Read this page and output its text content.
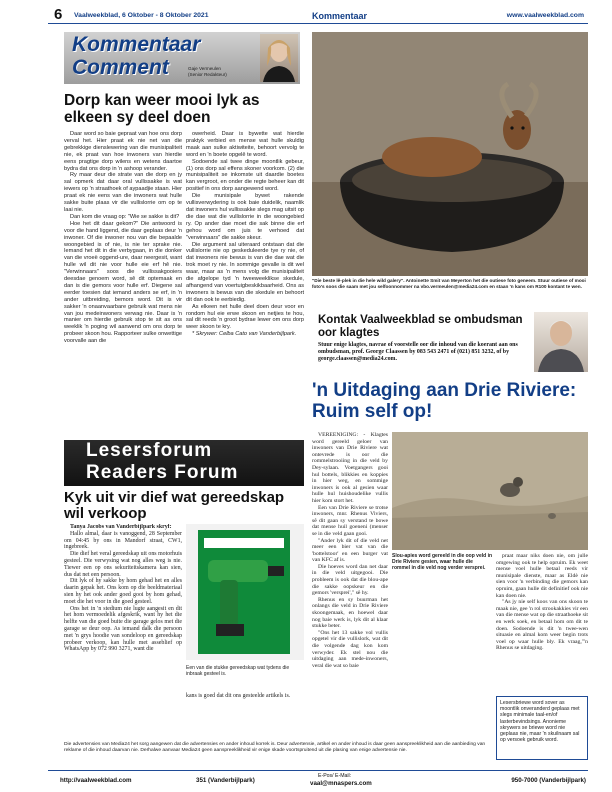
6 Vaalweekblad, 6 Oktober - 8 Oktober 2021	Kommentaar	www.vaalweekblad.com
Kommentaar
Comment	Gaje Vermeulen
(Senior Redakteur)
Dorp kan weer mooi lyk as elkeen sy deel doen

Daar word so baie gepraat van hoe ons dorp verval het. Hier praat ek nie net van die gebrekkige dienslewering van die munisipaliteit nie, ek praat van hoe inwoners van hierdie eens pragtige dorp wilens en wetens daartoe bydra dat ons dorp in 'n ashoop verander.

Ry maar deur die strate van die dorp en jy sal opmerk dat daar oral vullissakke is wat iewers op 'n straathoek of aypaadjie staan. Hier praat ek nie eens van die inwoners wat hulle sakke buite plaas vir die vullislorrie om op te laai nie.

Dan kom die vraag op: "Wie se sakke is dit?

Hoe het dit daar gekom?" Die antwoord is voor die hand liggend, die daar geplaas deur 'n inwoner. Of die inwoner nou van die bepaalde woongebied is of nie, is nie ter sprake nie. Iemand het dit in die verbygaan, in die donker van die vroeë oggend-ure, daar neergesit, want hulle wil dit nie voor hulle eie erf hê nie. "Verwinnaars" soos die vullissakgooiers deesdae genoem word, sê dit optemaak en dan is die gemors voor hulle erf. Diegene sal eerder toesien dat iemand anders se erf, in 'n ander uitbreiding, bemors word. Dit is vir sakker 'n onaanvaarbare gebruik wat mens nie van jou medeinwoners verwag nie. Daar is 'n manier om hierdie gebruik stop te sit as ons weeklik 'n poging wil aanwend om ons dorp te probeer skoon hou. Rapporteer sulke onwettige voorvalle aan die

owerheid. Daar is bywette wat hierdie praktyk verbied en mense wat hulle skuldig maak aan sulke aktiwiteite, behoort vervolg te word en 'n boete opgelê te word.

Sodoende sal twee dinge moontlik gebeur, (1) ons dorp sal effens skoner voorkom. (2) die munisipaliteit se inkomste uit daardie boetes kan vergroot, en onder die regte beheer kan dit positief in ons dorp aangewend word.

Die munisipale bywet rakende vullisverwydering is ook baie duidelik, naamlik dat inwoners hul vullissakke slegs mag uitsit op die dae wat die vullislorrie in die woongebied ry. Op ander dae moet die sak binne die erf gehou word om juis te verhoed dat "verwinnaars" die sakke skeur.

Die argument sal uiteraard ontstaan dat die vullislorrie nie op geskeduleerde tye ry nie, of dat inwoners nie bewus is van die dae wat die trok moet ry nie. In sommige gevalle is dit wel waar, maar as 'n mens volg die munisipaliteit die afgelope tyd 'n tweeweeklikse skedule, afhangend van voertuigbeskikbaarheid. Ons as inwoners is bewus van die skedule en behoort dit dan ook te eerbiedig.

As elkeen net hulle deel doen deur voor en rondom hul eie erwe skoon en netjies te hou, sal dit reeds 'n groot bydrae lewer om ons dorp weer skoon te kry.

* Skrywer: Celba Cato van Vanderbijlpark.

"Die beste lê-plek in die hele wild galery". Antoinette Smit van Meyerton het die outiese foto geneem. Stuur outiese of mooi foto's soos die saam met jou selfoonnommer na vbo.vermeulen@media24.com en staan 'n kans om R100 kontant te wen.
Kontak Vaalweekblad se ombudsman oor klagtes
Stuur enige klagtes, navrae of voorstelle oor die inhoud van die koerant aan ons ombudsman, prof. George Claassen by 083 543 2471 of (021) 851 3232, of by george.claassen@media24.com.
'n Uitdaging aan Drie Riviere: Ruim self op!
Lesersforum
Readers Forum
Kyk uit vir dief wat gereedskap wil verkoop

Tanya Jacobs van Vanderbijlpark skryf:

Hallo almal, daar is vanoggend, 28 September om 04:45 by ons in Mandorf straat, CW1, ingebreek.

Die dief het veral gereedskap uit ons motorhuis gesteel. Die verwysing wat nog alles weg is nie. Tiewer een op ons sekuriteitskamera kan sien, dus dat net een persoon.

Dit lyk of hy sakke by hom gehad het en alles daarin gepak het. Ons kom op die beeldmateriaal sien hy het ook ander goed gooi by hom gehad, moet die het voor in die goed gesteel.

Ons het in 'n stedium nie lugte aangesit en dit het hom vermoedelik afgeskrik, want hy het die helfte van die goed buite die garage gelos met die garage se deur oop. As iemand dalk die persoon met 'n grys hoodie van sondeloop en gereedskap probeer verkoop, kan hulle met asseblief op WhatsApp by 072 990 3271, want die

Een van die stukke gereedskap wat tydens die inbraak gesteel is.
kans is goed dat dit ons gesteelde artikels is.

VEREENIGING: - Klagtes word gereeld geloer van inwoners van Drie Riviere wat ontevrede is oor die rommelstrooiing in die veld by Dey-sylaan. Voetgangers gooi hul bottels, blikkies en koppies in hier weg, en sommige inwoners is ook al gesien waar hulle hul huishoudelike vullis hier kom stort het.

Een van Drie Riviere se trotse inwoners, mnr. Rhenus Viviers, sê dit gaan sy verstand te bowe dat mense huil goeneni (menser se in die veld gaan gooi.

"Ander lyk dit of die veld net meer een bier vat van die 'bottelstoor' en een burger vat van KFC af is.

Die hoeves word dan net daar in die veld uitgegooi. Die probleem is ook dat die blou-ape die sakke oopskeur en die gemors 'versprei'," sê hy.

Rhenus en sy buurman het onlangs die veld in Drie Riviere skoongemaak, en hoewel daar nog baie werk is, lyk dit al klaar stukke beter.

"Ons het 13 sakke vol vullis opgetel vir die vullislork, wat dit die volgende dag kon kom verwyder. Ek stel nou die uitdaging aan mede-inwoners, veral die wat so baie

Slou-apies word gereeld in die oop veld in Drie Riviere gesien, waar hulle die rommel in die veld nog verder versprei.

praat maar niks doen nie, om julle omgewing ook te help opruim. Ek weet mense voel hulle betaal reeds vir munisipale dienste, maar as Eldè nie sien voor 'n verbinding die gemors kan opruim, gaan hulle dit definitief ook nie kan doen nie.

"As jy nie self koos van ons skoon te maak nie, gee 'n rol strookakkies vir een van die mense wat op die straathoeke sit en werk soek, en betaal hom om dit te doen. Sodoende is dit 'n twee-wen situasie en almal kom weer begin trots voel op waar hulle bly. Ek vraag,"'n Rhenus se uitdaging.

Lesersbriewe word sover as moontlik onveranderd geplaas met slegs minimale taal-en/of lasterbevindsings. Anonieme skrywers se briewe word nie geplaas nie, maar 'n skuilnaam sal op versoek gebruik word.
Die advertensies van Media24 het sorg aangewen dat die advertensies en ander inhoud korrek is. Deur advertensie, artikel en ander inhoud is daar geen aanspreeklikheid aan die aanbieding van reklame of die inhoud daarvan nie. Derhalwe aanvaar Media24 geen aanspreeklikheid vir enige skade voortspruitend uit die plasing van enige advertensie nie.
http://vaalweekblad.com	351 (Vanderbijlpark)
E-Pos/ E-Mail:
vaal@mnaspers.com	950-7000 (Vanderbijlpark)
